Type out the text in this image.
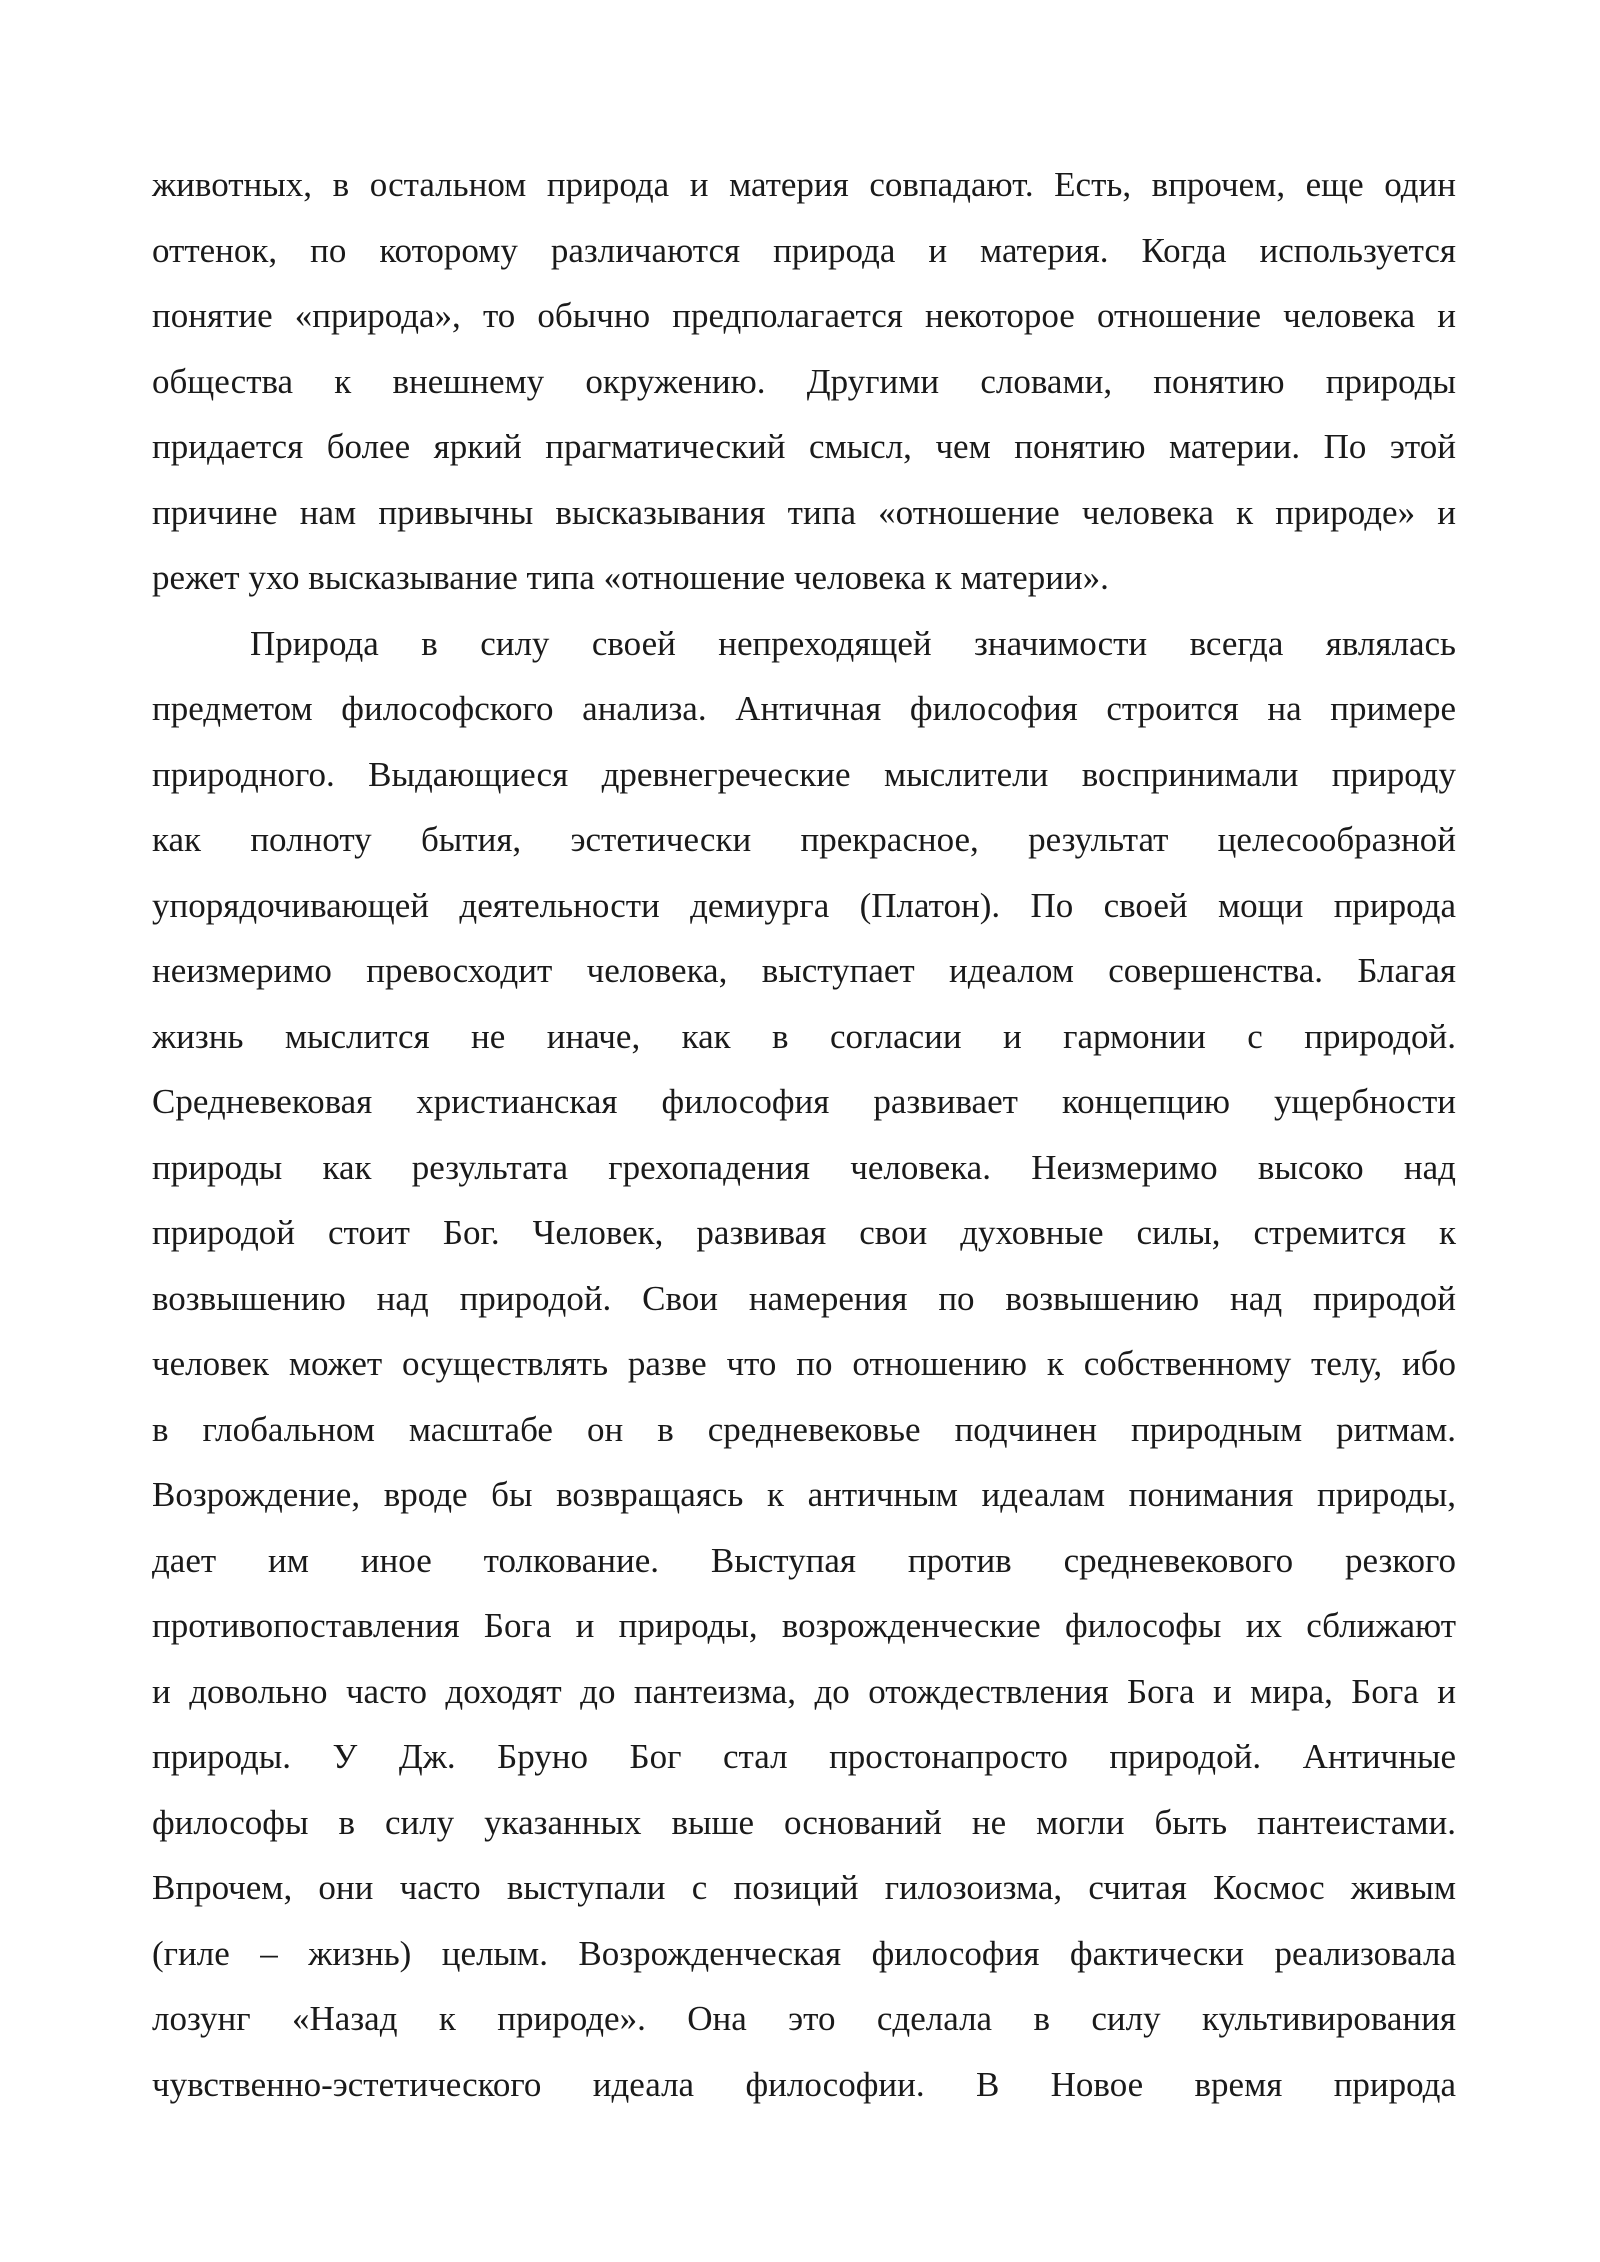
животных, в остальном природа и материя совпадают. Есть, впрочем, еще один
оттенок, по которому различаются природа и материя. Когда используется
понятие «природа», то обычно предполагается некоторое отношение человека и
общества к внешнему окружению. Другими словами, понятию природы
придается более яркий прагматический смысл, чем понятию материи. По этой
причине нам привычны высказывания типа «отношение человека к природе» и
режет ухо высказывание типа «отношение человека к материи».

Природа в силу своей непреходящей значимости всегда являлась
предметом философского анализа. Античная философия строится на примере
природного. Выдающиеся древнегреческие мыслители воспринимали природу
как полноту бытия, эстетически прекрасное, результат целесообразной
упорядочивающей деятельности демиурга (Платон). По своей мощи природа
неизмеримо превосходит человека, выступает идеалом совершенства. Благая
жизнь мыслится не иначе, как в согласии и гармонии с природой.
Средневековая христианская философия развивает концепцию ущербности
природы как результата грехопадения человека. Неизмеримо высоко над
природой стоит Бог. Человек, развивая свои духовные силы, стремится к
возвышению над природой. Свои намерения по возвышению над природой
человек может осуществлять разве что по отношению к собственному телу, ибо
в глобальном масштабе он в средневековье подчинен природным ритмам.
Возрождение, вроде бы возвращаясь к античным идеалам понимания природы,
дает им иное толкование. Выступая против средневекового резкого
противопоставления Бога и природы, возрожденческие философы их сближают
и довольно часто доходят до пантеизма, до отождествления Бога и мира, Бога и
природы. У Дж. Бруно Бог стал простонапросто природой. Античные
философы в силу указанных выше оснований не могли быть пантеистами.
Впрочем, они часто выступали с позиций гилозоизма, считая Космос живым
(гиле – жизнь) целым. Возрожденческая философия фактически реализовала
лозунг «Назад к природе». Она это сделала в силу культивирования
чувственно-эстетического идеала философии. В Новое время природа
